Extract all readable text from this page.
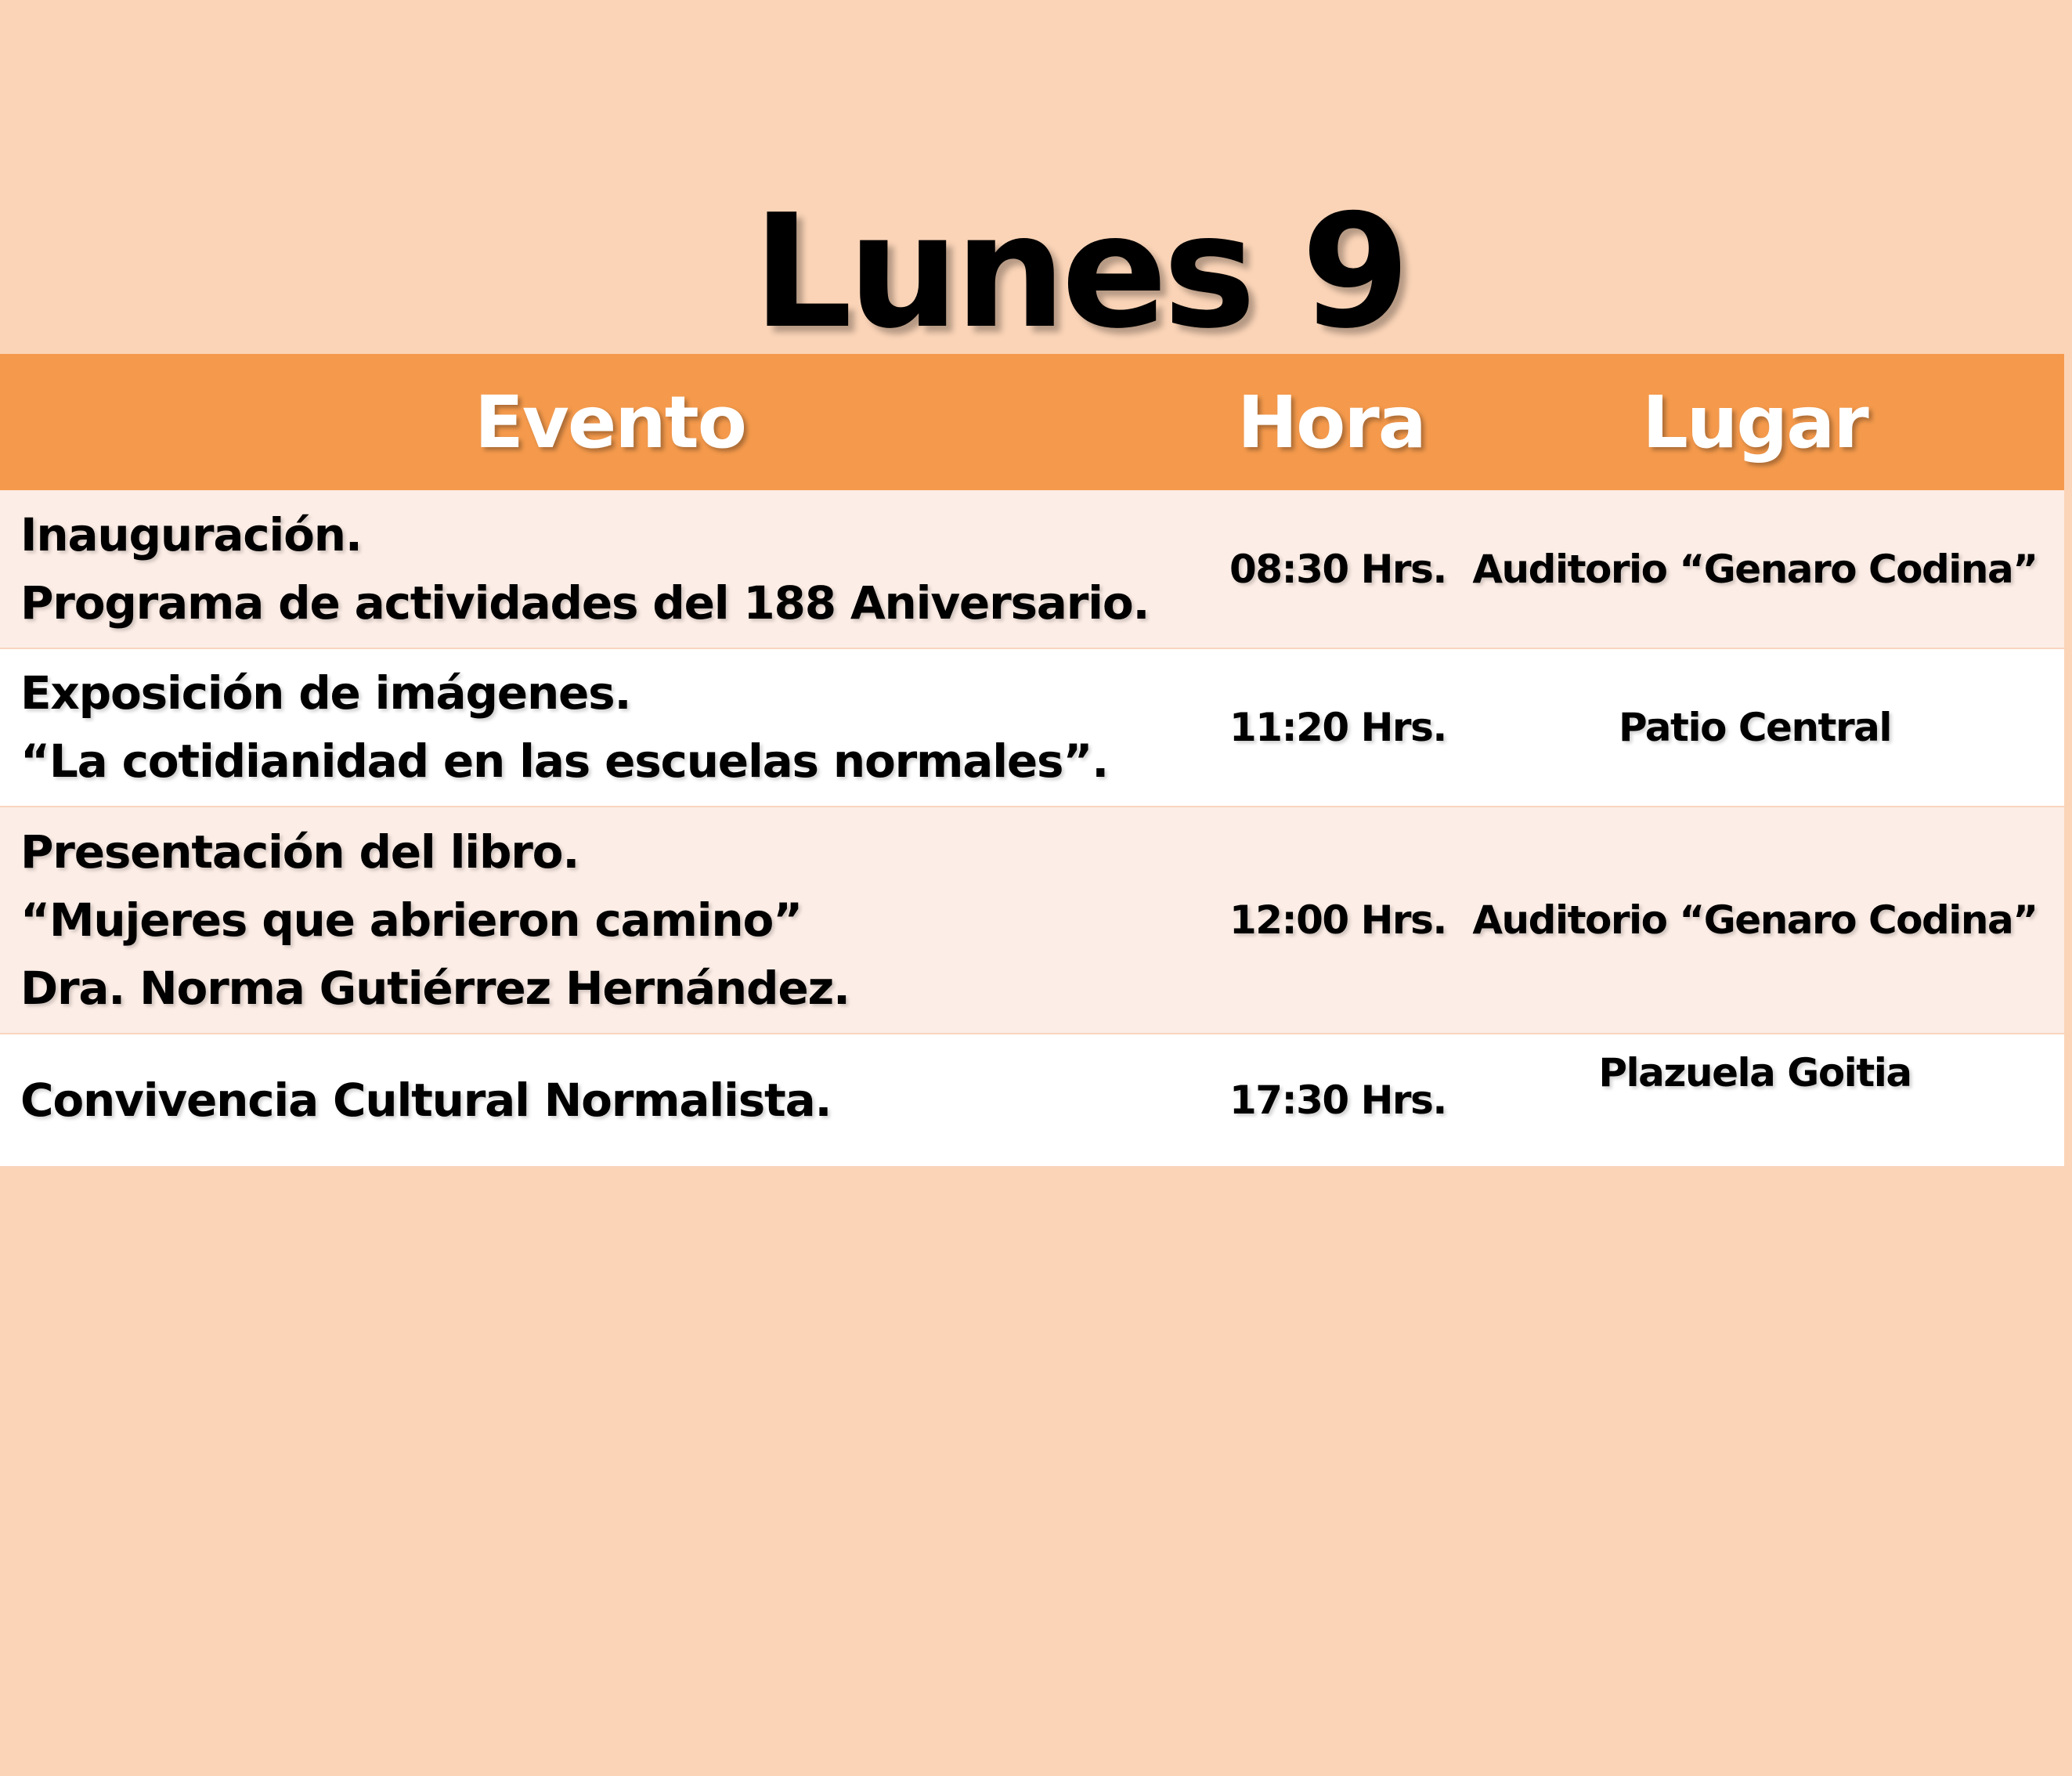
Lunes 9
Evento	Hora	Lugar

Inauguración.
Programa de actividades del 188 Aniversario.	08:30 Hrs.	Auditorio “Genaro Codina”

Exposición de imágenes.
“La cotidianidad en las escuelas normales”.	11:20 Hrs.	Patio Central

Presentación del libro.
“Mujeres que abrieron camino”
Dra. Norma Gutiérrez Hernández.	12:00 Hrs.	Auditorio “Genaro Codina”

Convivencia Cultural Normalista.	17:30 Hrs.	Plazuela Goitia
